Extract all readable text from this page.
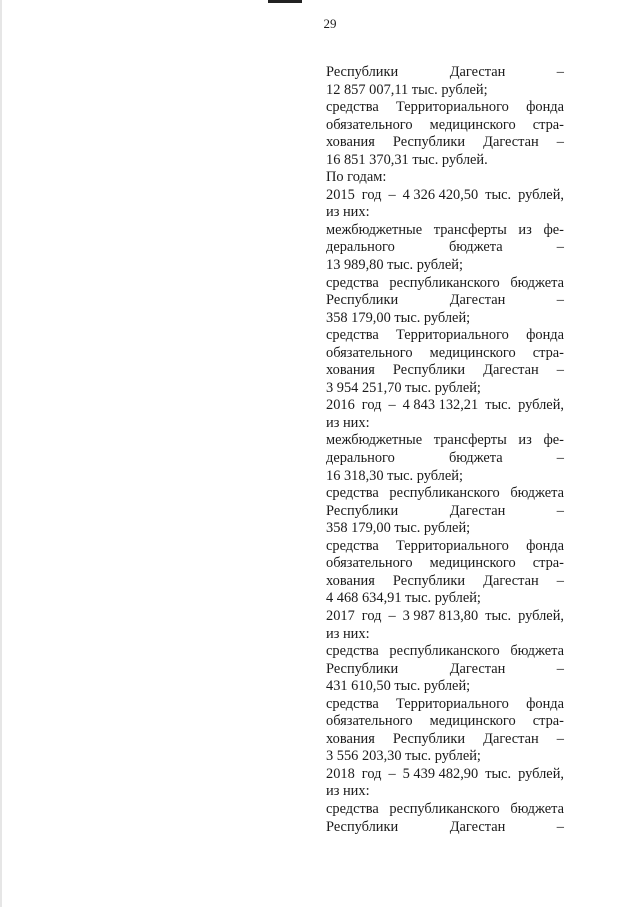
29
Республики	Дагестан	–
12 857 007,11 тыс. рублей;
средства Территориального фонда
обязательного медицинского стра-
хования Республики Дагестан –
16 851 370,31 тыс. рублей.
По годам:
2015 год – 4 326 420,50 тыс. рублей,
из них:
межбюджетные трансферты из фе-
дерального	бюджета	–
13 989,80 тыс. рублей;
средства республиканского бюджета
Республики	Дагестан	–
358 179,00 тыс. рублей;
средства Территориального фонда
обязательного медицинского стра-
хования Республики Дагестан –
3 954 251,70 тыс. рублей;
2016 год – 4 843 132,21 тыс. рублей,
из них:
межбюджетные трансферты из фе-
дерального	бюджета	–
16 318,30 тыс. рублей;
средства республиканского бюджета
Республики	Дагестан	–
358 179,00 тыс. рублей;
средства Территориального фонда
обязательного медицинского стра-
хования Республики Дагестан –
4 468 634,91 тыс. рублей;
2017 год – 3 987 813,80 тыс. рублей,
из них:
средства республиканского бюджета
Республики	Дагестан	–
431 610,50 тыс. рублей;
средства Территориального фонда
обязательного медицинского стра-
хования Республики Дагестан –
3 556 203,30 тыс. рублей;
2018 год – 5 439 482,90 тыс. рублей,
из них:
средства республиканского бюджета
Республики	Дагестан	–
